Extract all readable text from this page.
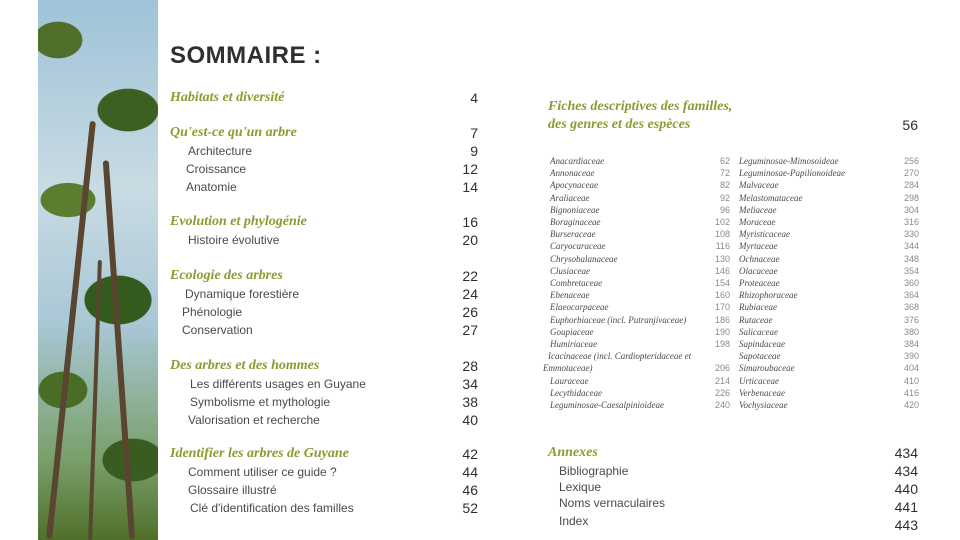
SOMMAIRE :
Habitats et diversité	4
Qu'est-ce qu'un arbre	7
Architecture	9
Croissance	12
Anatomie	14
Evolution et phylogénie	16
Histoire évolutive	20
Ecologie des arbres	22
Dynamique forestière	24
Phénologie	26
Conservation	27
Des arbres et des hommes	28
Les différents usages en Guyane	34
Symbolisme et mythologie	38
Valorisation et recherche	40
Identifier les arbres de Guyane	42
Comment utiliser ce guide ?	44
Glossaire illustré	46
Clé d'identification des familles	52
Fiches descriptives des familles,
des genres et des espèces	56
Anacardiaceae	62
Annonaceae	72
Apocynaceae	82
Araliaceae	92
Bignoniaceae	96
Boraginaceae	102
Burseraceae	108
Caryocaraceae	116
Chrysobalanaceae	130
Clusiaceae	146
Combretaceae	154
Ebenaceae	160
Elaeocarpaceae	170
Euphorbiaceae (incl. Putranjivaceae)	186
Goupiaceae	190
Humiriaceae	198
Icacinaceae (incl. Cardiopteridaceae et
Emmotaceae)	206
Lauraceae	214
Lecythidaceae	226
Leguminosae-Caesalpinioideae	240
Leguminosae-Mimosoideae	256
Leguminosae-Papilionoideae	270
Malvaceae	284
Melastomataceae	298
Meliaceae	304
Moraceae	316
Myristicaceae	330
Myrtaceae	344
Ochnaceae	348
Olacaceae	354
Proteaceae	360
Rhizophoraceae	364
Rubiaceae	368
Rutaceae	376
Salicaceae	380
Sapindaceae	384
Sapotaceae	390
Simaroubaceae	404
Urticaceae	410
Verbenaceae	416
Vochysiaceae	420
Annexes	434
Bibliographie	434
Lexique	440
Noms vernaculaires	441
Index	443
